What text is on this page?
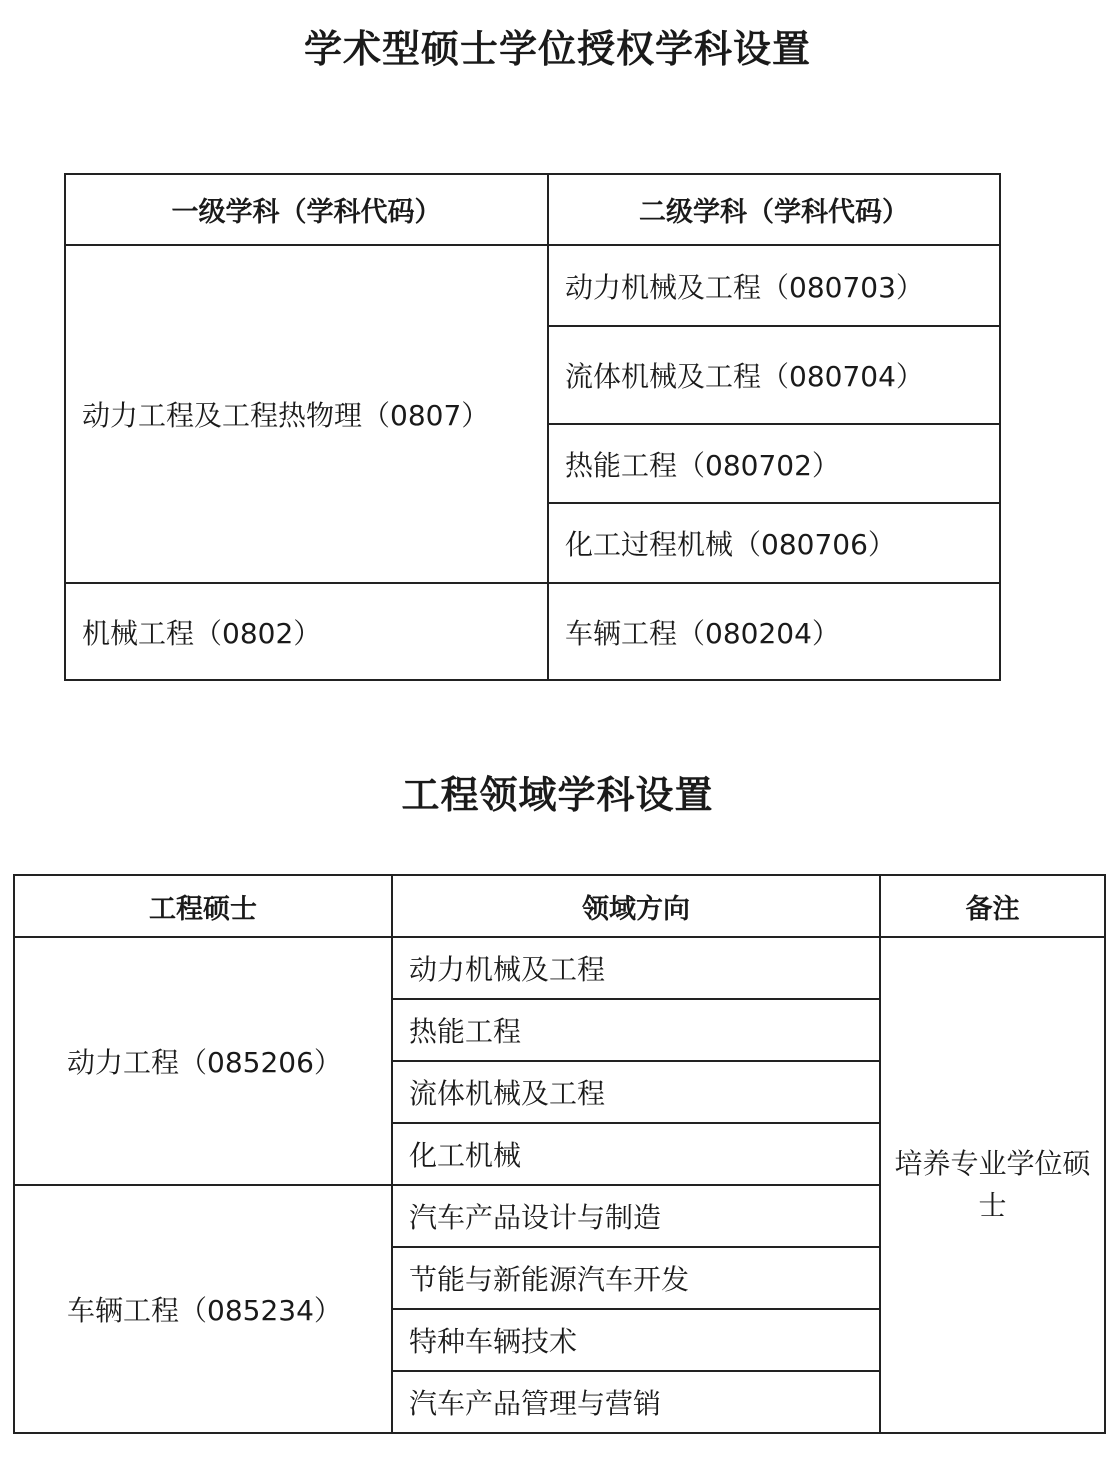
学术型硕士学位授权学科设置
一级学科（学科代码）	二级学科（学科代码）
动力工程及工程热物理（0807）	动力机械及工程（080703）
	流体机械及工程（080704）
	热能工程（080702）
	化工过程机械（080706）
机械工程（0802）	车辆工程（080204）
工程领域学科设置
工程硕士	领域方向	备注
动力工程（085206）	动力机械及工程	培养专业学位硕士
	热能工程	
	流体机械及工程	
	化工机械	
车辆工程（085234）	汽车产品设计与制造	
	节能与新能源汽车开发	
	特种车辆技术	
	汽车产品管理与营销	
